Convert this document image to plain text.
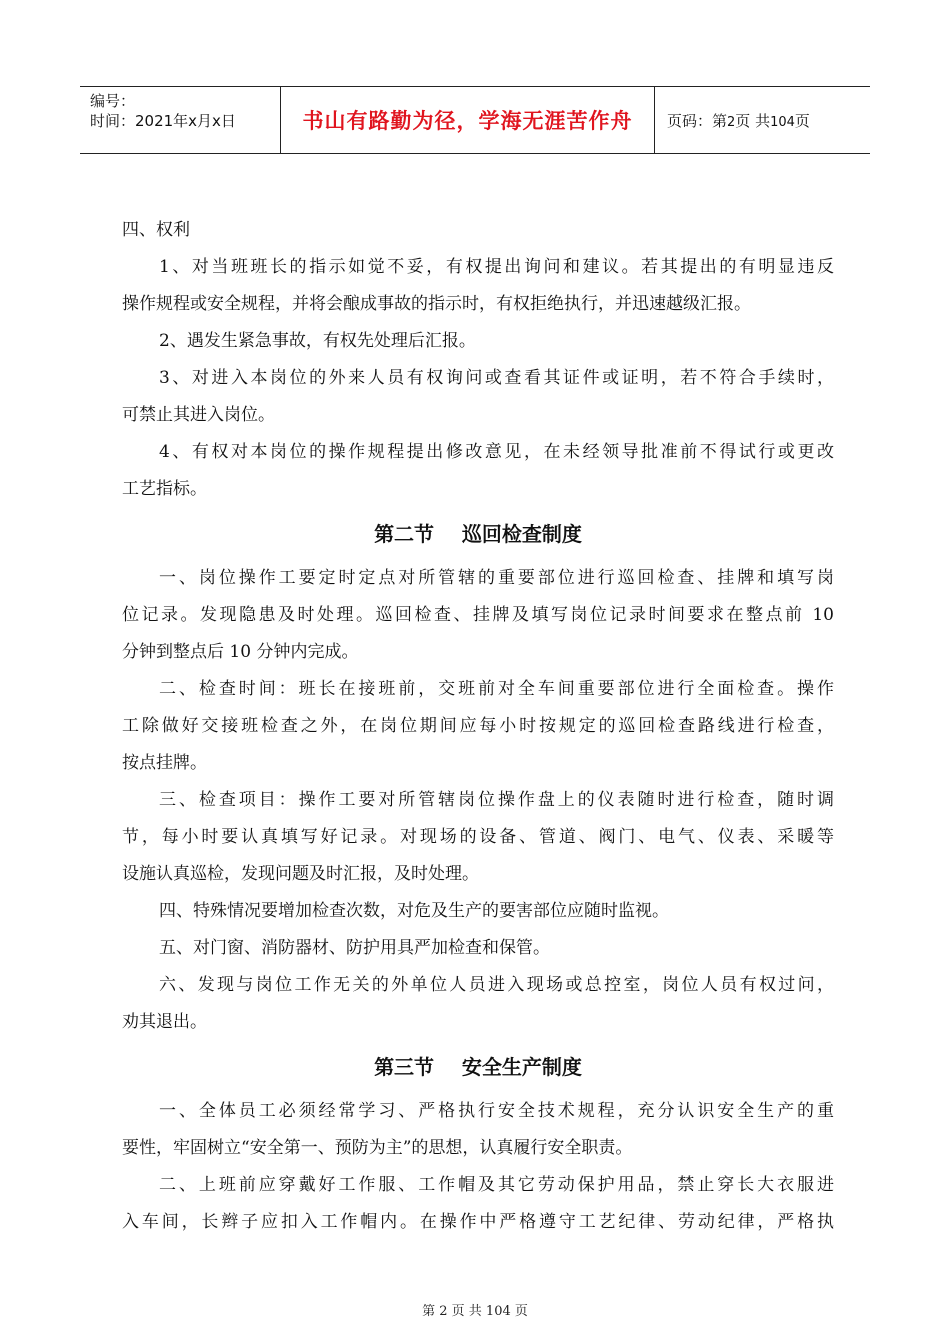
编号：
时间：2021年x月x日	书山有路勤为径，学海无涯苦作舟 页码：第2页 共104页
四、权利
1、对当班班长的指示如觉不妥，有权提出询问和建议。若其提出的有明显违反
操作规程或安全规程，并将会酿成事故的指示时，有权拒绝执行，并迅速越级汇报。
2、遇发生紧急事故，有权先处理后汇报。
3、对进入本岗位的外来人员有权询问或查看其证件或证明，若不符合手续时，
可禁止其进入岗位。
4、有权对本岗位的操作规程提出修改意见，在未经领导批准前不得试行或更改
工艺指标。
第二节    巡回检查制度
一、岗位操作工要定时定点对所管辖的重要部位进行巡回检查、挂牌和填写岗
位记录。发现隐患及时处理。巡回检查、挂牌及填写岗位记录时间要求在整点前 10
分钟到整点后 10 分钟内完成。
二、检查时间：班长在接班前，交班前对全车间重要部位进行全面检查。操作
工除做好交接班检查之外，在岗位期间应每小时按规定的巡回检查路线进行检查，
按点挂牌。
三、检查项目：操作工要对所管辖岗位操作盘上的仪表随时进行检查，随时调
节，每小时要认真填写好记录。对现场的设备、管道、阀门、电气、仪表、采暖等
设施认真巡检，发现问题及时汇报，及时处理。
四、特殊情况要增加检查次数，对危及生产的要害部位应随时监视。
五、对门窗、消防器材、防护用具严加检查和保管。
六、发现与岗位工作无关的外单位人员进入现场或总控室，岗位人员有权过问，
劝其退出。
第三节    安全生产制度
一、全体员工必须经常学习、严格执行安全技术规程，充分认识安全生产的重
要性，牢固树立“安全第一、预防为主”的思想，认真履行安全职责。
二、上班前应穿戴好工作服、工作帽及其它劳动保护用品，禁止穿长大衣服进
入车间，长辫子应扣入工作帽内。在操作中严格遵守工艺纪律、劳动纪律，严格执
第 2 页 共 104 页
